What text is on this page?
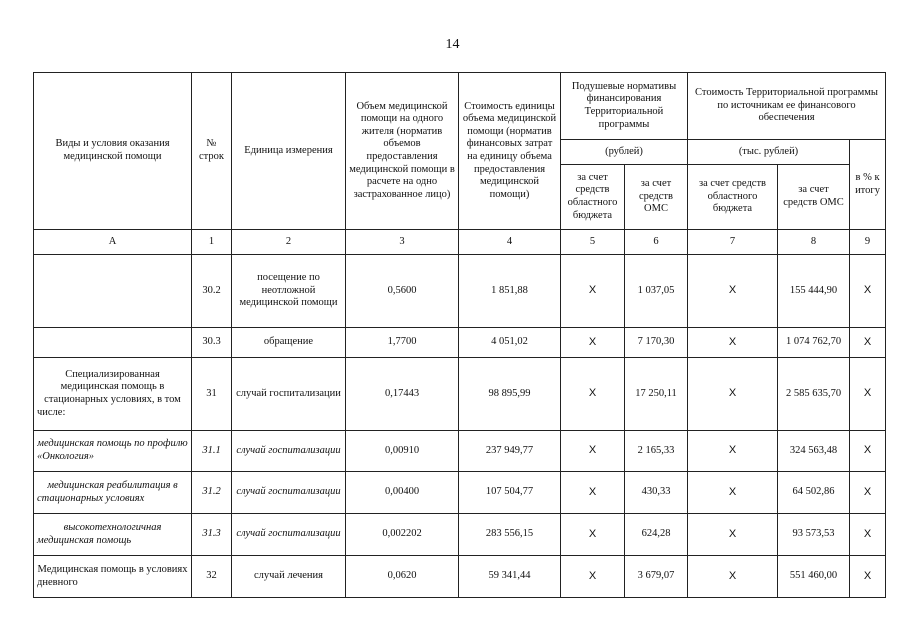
14
Виды и условия оказания медицинской помощи	№ строк	Единица измерения	Объем медицинской помощи на одного жителя (норматив объемов предоставления медицинской помощи в расчете на одно застрахованное лицо)	Стоимость единицы объема медицинской помощи (норматив финансовых затрат на единицу объема предоставления медицинской помощи)	Подушевые нормативы финансирования Территориальной программы		Стоимость Территориальной программы по источникам ее финансового обеспечения		
					(рублей)		(тыс. рублей)		в % к итогу
					за счет средств областного бюджета	за счет средств ОМС	за счет средств областного бюджета	за счет средств ОМС	
А	1	2	3	4	5	6	7	8	9
	30.2	посещение по неотложной медицинской помощи	0,5600	1 851,88	Х	1 037,05	Х	155 444,90	Х
	30.3	обращение	1,7700	4 051,02	Х	7 170,30	Х	1 074 762,70	Х
Специализированная медицинская помощь в стационарных условиях, в том числе:	31	случай госпитализации	0,17443	98 895,99	Х	17 250,11	Х	2 585 635,70	Х
медицинская помощь по профилю «Онкология»	31.1	случай госпитализации	0,00910	237 949,77	Х	2 165,33	Х	324 563,48	Х
медицинская реабилитация в стационарных условиях	31.2	случай госпитализации	0,00400	107 504,77	Х	430,33	Х	64 502,86	Х
высокотехнологичная медицинская помощь	31.3	случай госпитализации	0,002202	283 556,15	Х	624,28	Х	93 573,53	Х
Медицинская помощь в условиях дневного	32	случай лечения	0,0620	59 341,44	Х	3 679,07	Х	551 460,00	Х
